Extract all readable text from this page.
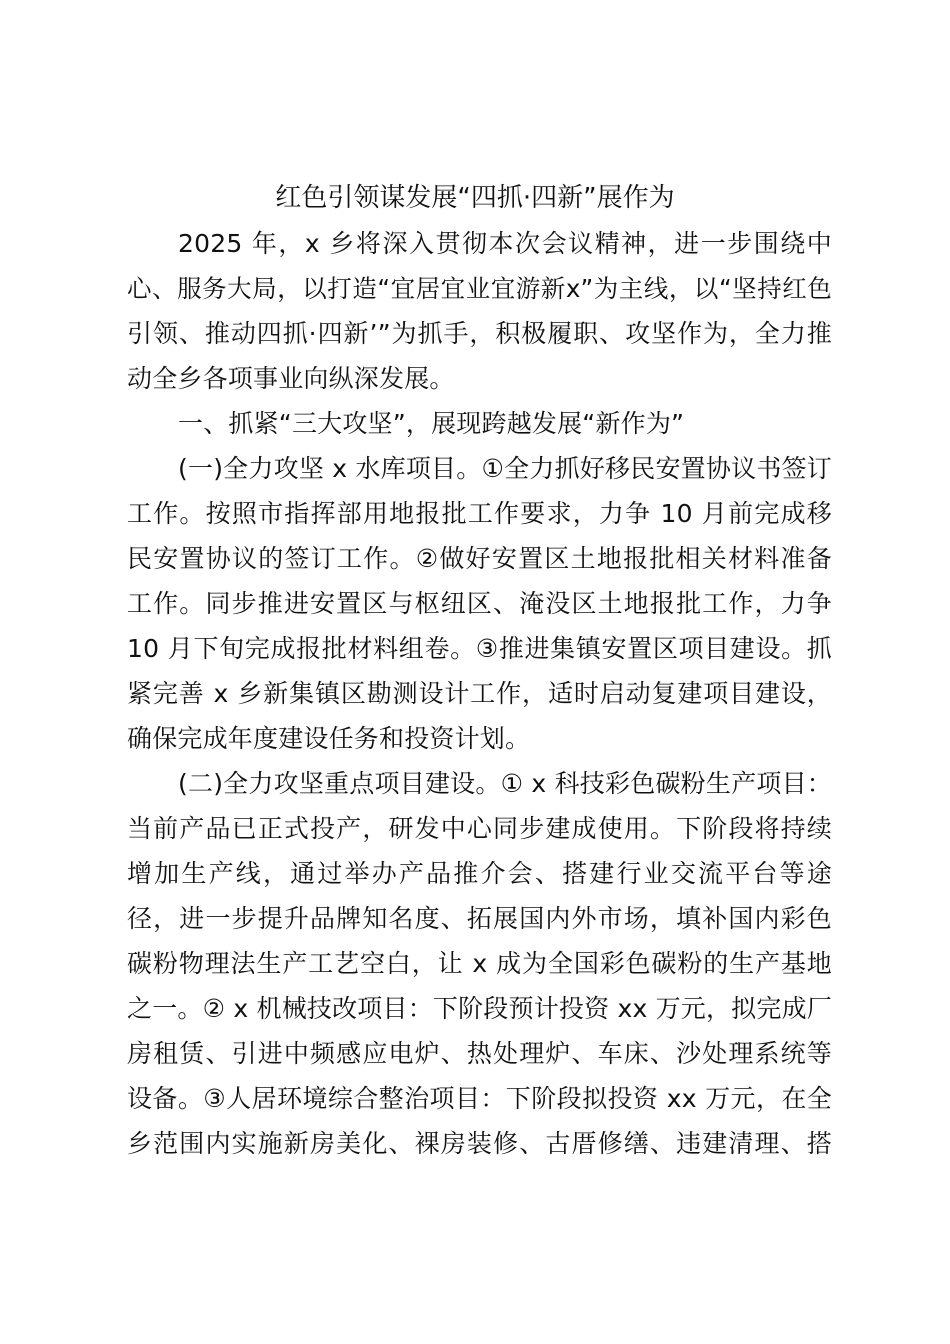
红色引领谋发展“四抓·四新”展作为
2025 年，x 乡将深入贯彻本次会议精神，进一步围绕中
心、服务大局，以打造“宜居宜业宜游新x”为主线，以“坚持红色
引领、推动四抓·四新’”为抓手，积极履职、攻坚作为，全力推
动全乡各项事业向纵深发展。
一、抓紧“三大攻坚”，展现跨越发展“新作为”
(一)全力攻坚 x 水库项目。①全力抓好移民安置协议书签订
工作。按照市指挥部用地报批工作要求，力争 10 月前完成移
民安置协议的签订工作。②做好安置区土地报批相关材料准备
工作。同步推进安置区与枢纽区、淹没区土地报批工作，力争
10 月下旬完成报批材料组卷。③推进集镇安置区项目建设。抓
紧完善 x 乡新集镇区勘测设计工作，适时启动复建项目建设，
确保完成年度建设任务和投资计划。
(二)全力攻坚重点项目建设。① x 科技彩色碳粉生产项目：
当前产品已正式投产，研发中心同步建成使用。下阶段将持续
增加生产线，通过举办产品推介会、搭建行业交流平台等途
径，进一步提升品牌知名度、拓展国内外市场，填补国内彩色
碳粉物理法生产工艺空白，让 x 成为全国彩色碳粉的生产基地
之一。② x 机械技改项目：下阶段预计投资 xx 万元，拟完成厂
房租赁、引进中频感应电炉、热处理炉、车床、沙处理系统等
设备。③人居环境综合整治项目：下阶段拟投资 xx 万元，在全
乡范围内实施新房美化、裸房装修、古厝修缮、违建清理、搭
